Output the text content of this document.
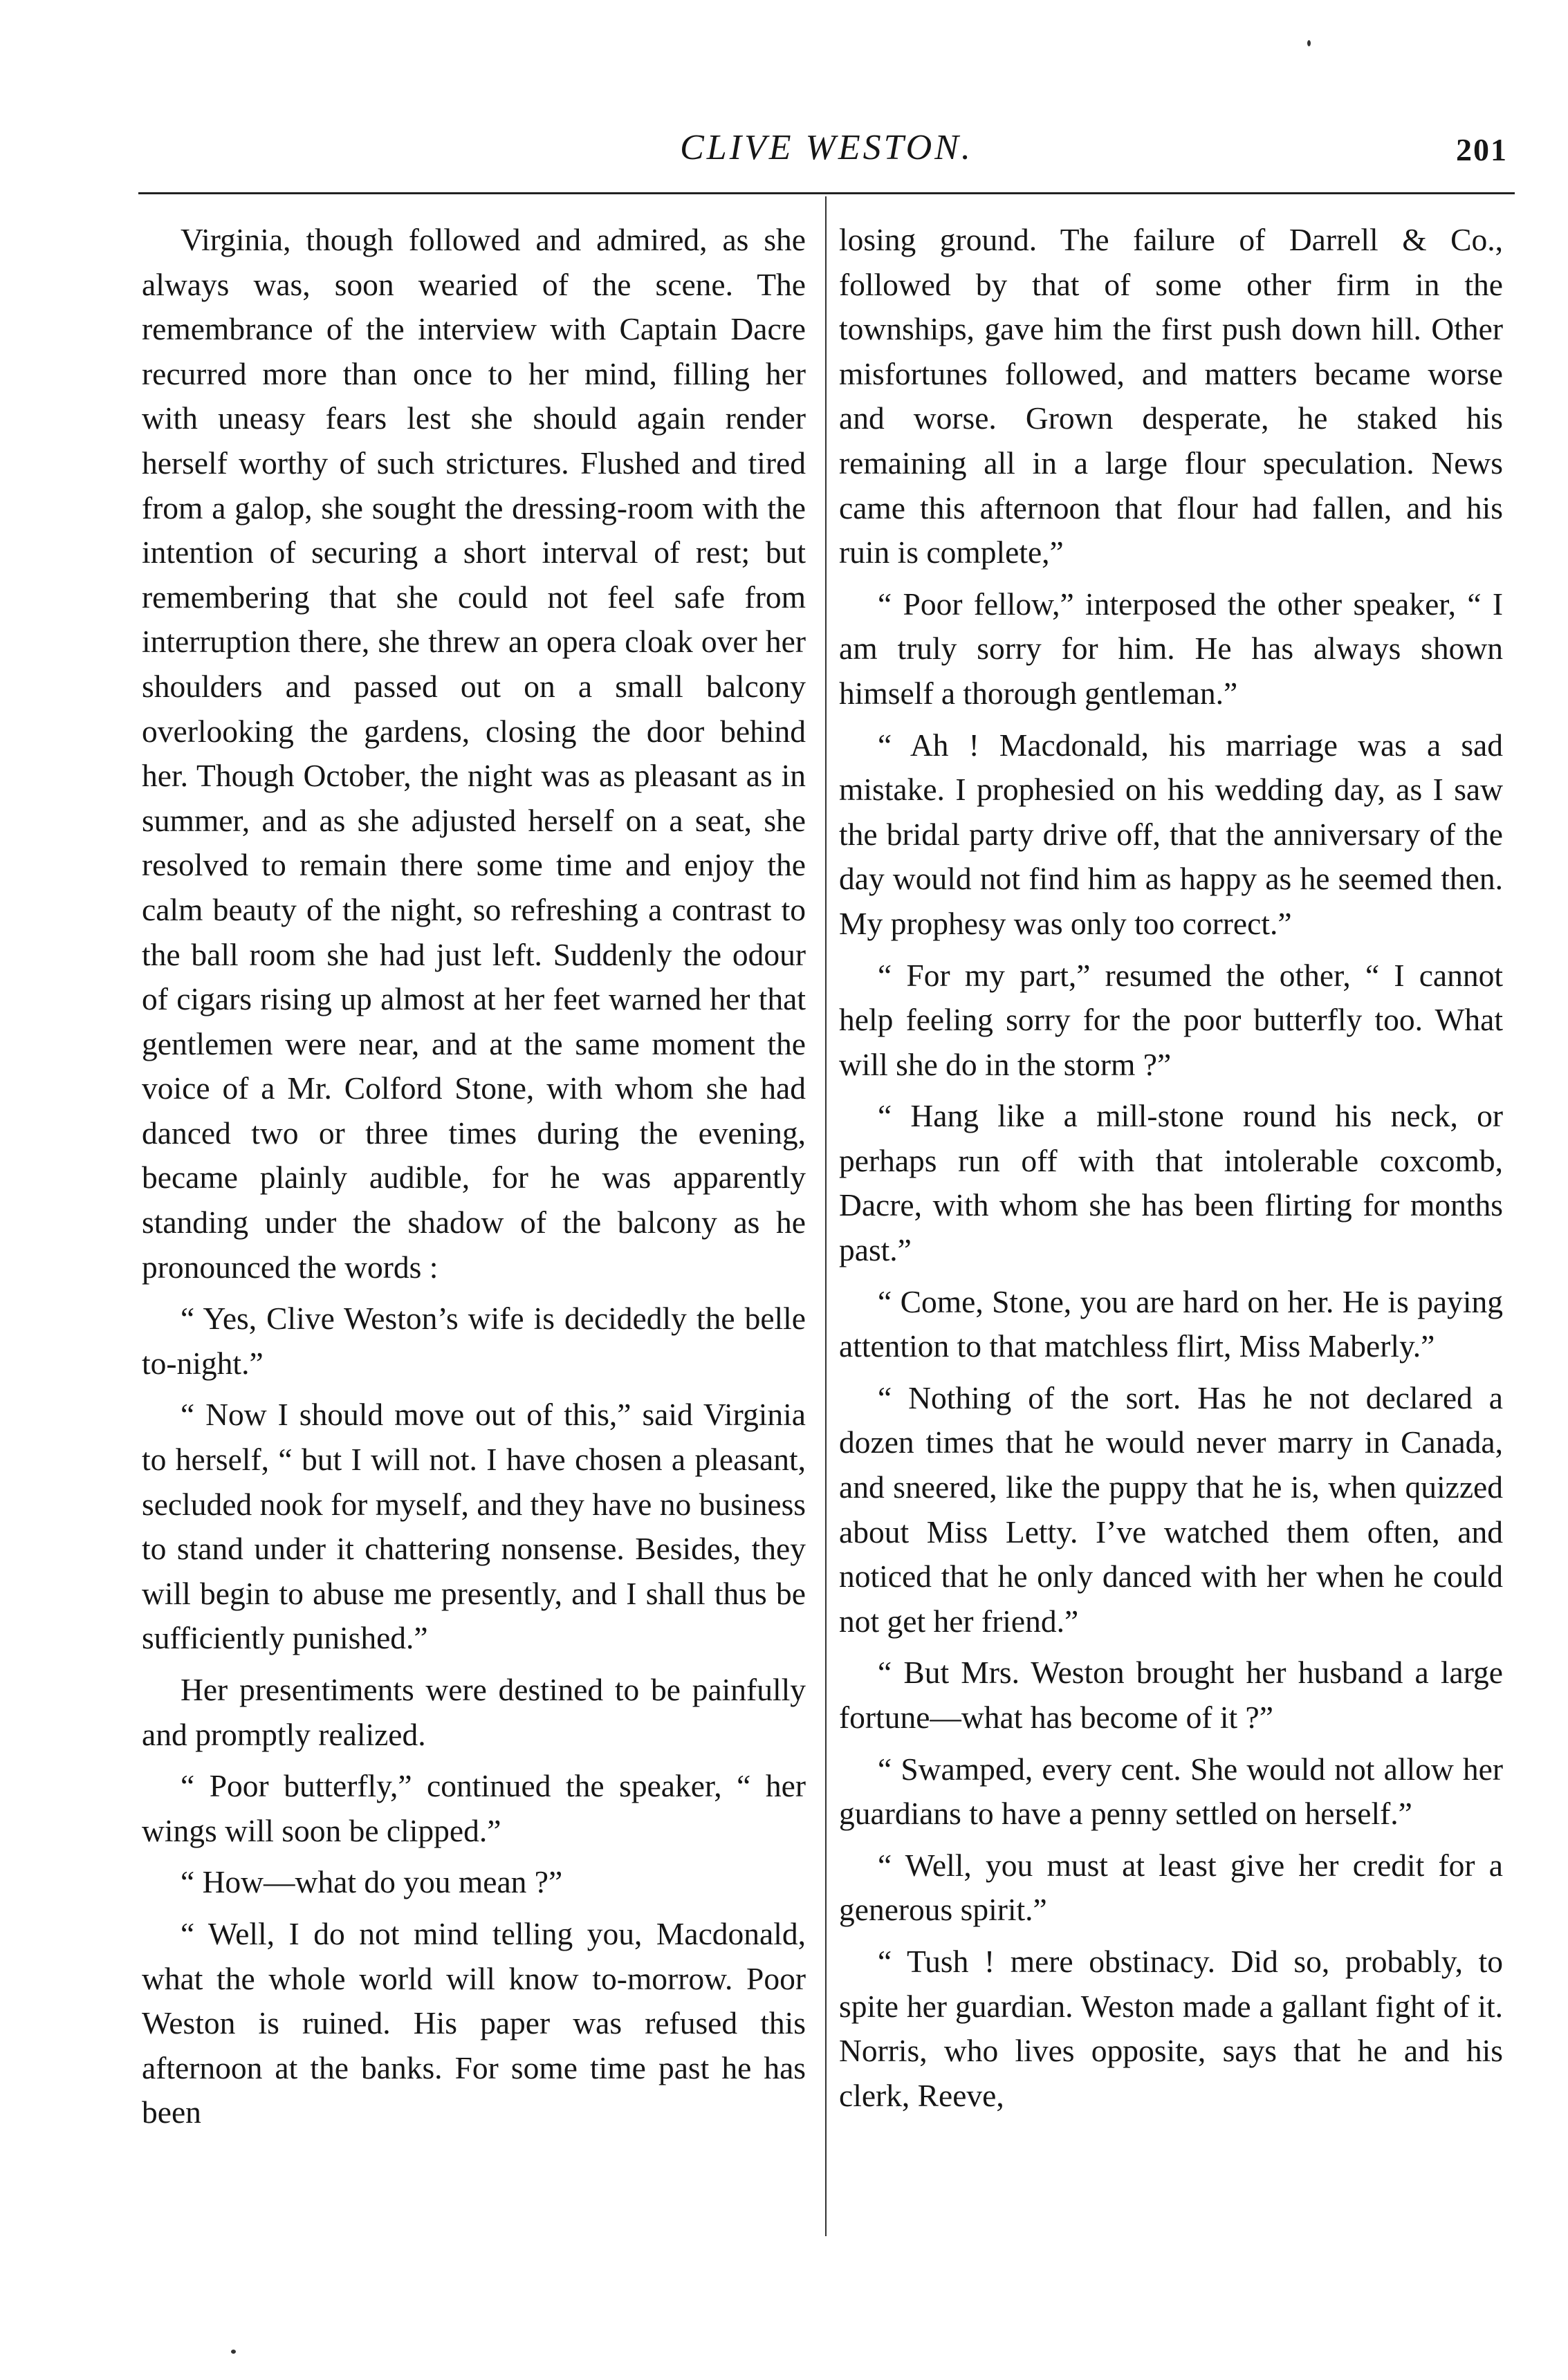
CLIVE WESTON.	201

Virginia, though followed and admired, as she always was, soon wearied of the scene. The remembrance of the interview with Captain Dacre recurred more than once to her mind, filling her with uneasy fears lest she should again render herself worthy of such strictures. Flushed and tired from a galop, she sought the dressing-room with the intention of securing a short interval of rest; but remembering that she could not feel safe from interruption there, she threw an opera cloak over her shoulders and passed out on a small balcony overlooking the gardens, closing the door behind her. Though October, the night was as pleasant as in summer, and as she adjusted herself on a seat, she resolved to remain there some time and enjoy the calm beauty of the night, so refreshing a contrast to the ball room she had just left. Suddenly the odour of cigars rising up almost at her feet warned her that gentlemen were near, and at the same moment the voice of a Mr. Colford Stone, with whom she had danced two or three times during the evening, became plainly audible, for he was apparently standing under the shadow of the balcony as he pronounced the words :

“ Yes, Clive Weston’s wife is decidedly the belle to-night.”

“ Now I should move out of this,” said Virginia to herself, “ but I will not. I have chosen a pleasant, secluded nook for myself, and they have no business to stand under it chattering nonsense. Besides, they will begin to abuse me presently, and I shall thus be sufficiently punished.”

Her presentiments were destined to be painfully and promptly realized.

“ Poor butterfly,” continued the speaker, “ her wings will soon be clipped.”

“ How—what do you mean ?”

“ Well, I do not mind telling you, Macdonald, what the whole world will know to-morrow. Poor Weston is ruined. His paper was refused this afternoon at the banks. For some time past he has been

losing ground. The failure of Darrell & Co., followed by that of some other firm in the townships, gave him the first push down hill. Other misfortunes followed, and matters became worse and worse. Grown desperate, he staked his remaining all in a large flour speculation. News came this afternoon that flour had fallen, and his ruin is complete,”

“ Poor fellow,” interposed the other speaker, “ I am truly sorry for him. He has always shown himself a thorough gentleman.”

“ Ah ! Macdonald, his marriage was a sad mistake. I prophesied on his wedding day, as I saw the bridal party drive off, that the anniversary of the day would not find him as happy as he seemed then. My prophesy was only too correct.”

“ For my part,” resumed the other, “ I cannot help feeling sorry for the poor butterfly too. What will she do in the storm ?”

“ Hang like a mill-stone round his neck, or perhaps run off with that intolerable coxcomb, Dacre, with whom she has been flirting for months past.”

“ Come, Stone, you are hard on her. He is paying attention to that matchless flirt, Miss Maberly.”

“ Nothing of the sort. Has he not declared a dozen times that he would never marry in Canada, and sneered, like the puppy that he is, when quizzed about Miss Letty. I’ve watched them often, and noticed that he only danced with her when he could not get her friend.”

“ But Mrs. Weston brought her husband a large fortune—what has become of it ?”

“ Swamped, every cent. She would not allow her guardians to have a penny settled on herself.”

“ Well, you must at least give her credit for a generous spirit.”

“ Tush ! mere obstinacy. Did so, probably, to spite her guardian. Weston made a gallant fight of it. Norris, who lives opposite, says that he and his clerk, Reeve,
